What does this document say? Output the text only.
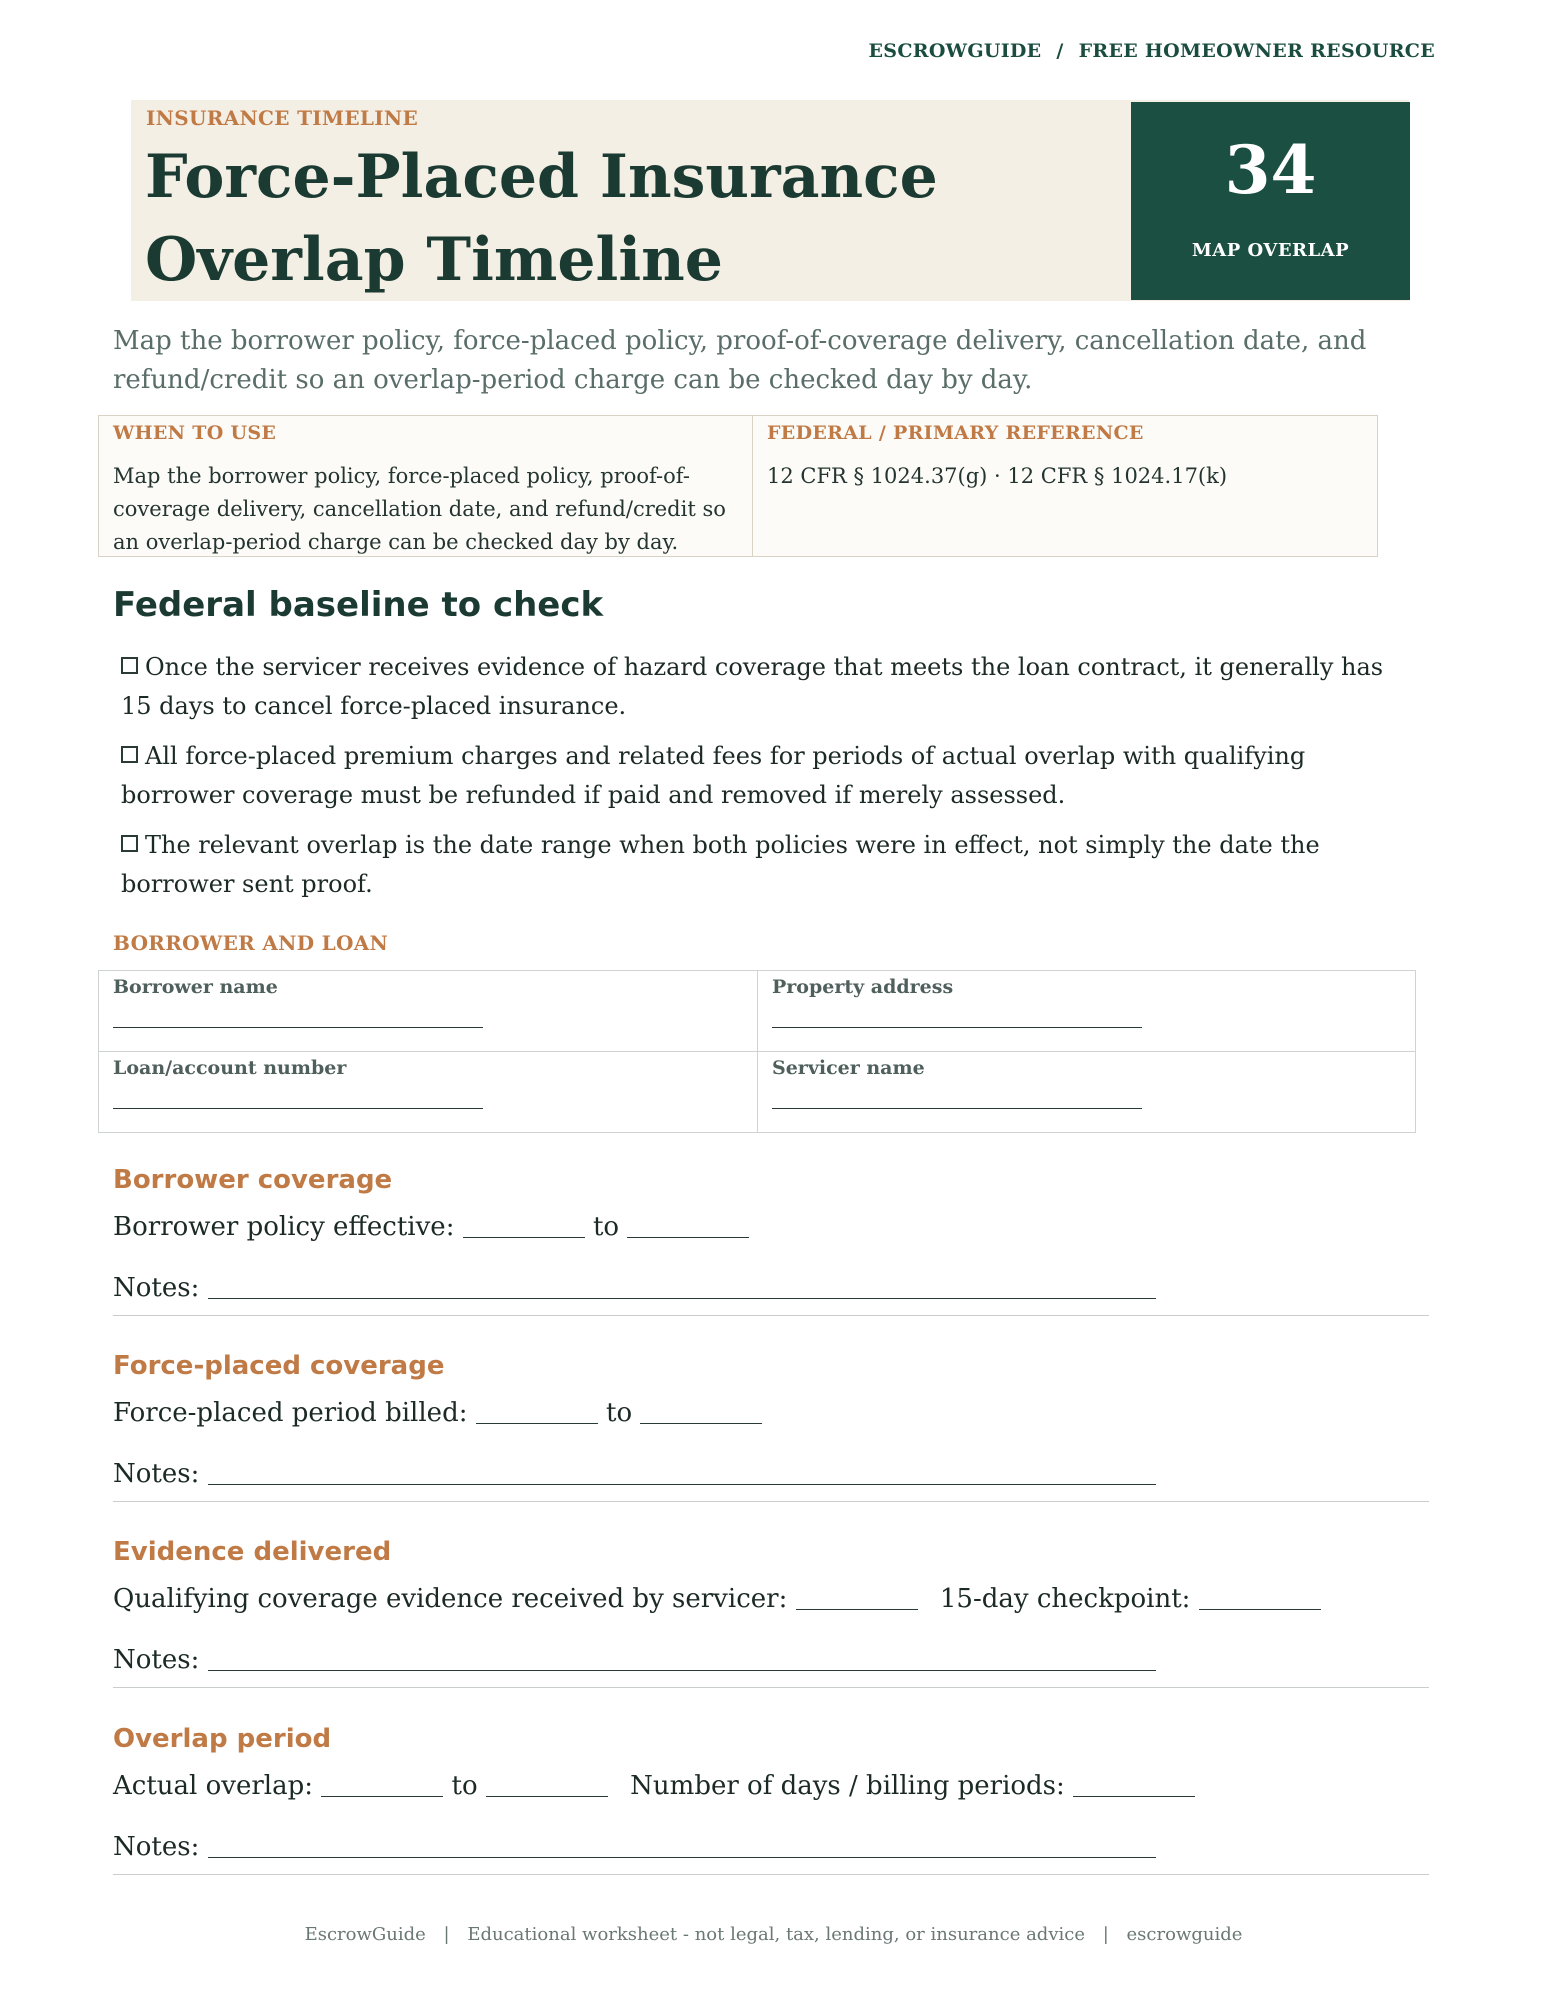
ESCROWGUIDE / FREE HOMEOWNER RESOURCE
INSURANCE TIMELINE
Force-Placed Insurance Overlap Timeline
34
MAP OVERLAP
Map the borrower policy, force-placed policy, proof-of-coverage delivery, cancellation date, and refund/credit so an overlap-period charge can be checked day by day.
WHEN TO USE
Map the borrower policy, force-placed policy, proof-of-coverage delivery, cancellation date, and refund/credit so an overlap-period charge can be checked day by day.
FEDERAL / PRIMARY REFERENCE
12 CFR § 1024.37(g) · 12 CFR § 1024.17(k)
Federal baseline to check
Once the servicer receives evidence of hazard coverage that meets the loan contract, it generally has 15 days to cancel force-placed insurance.
All force-placed premium charges and related fees for periods of actual overlap with qualifying borrower coverage must be refunded if paid and removed if merely assessed.
The relevant overlap is the date range when both policies were in effect, not simply the date the borrower sent proof.
BORROWER AND LOAN
Borrower name	Property address
Loan/account number	Servicer name
Borrower coverage
Borrower policy effective:	to
Notes:
Force-placed coverage
Force-placed period billed:	to
Notes:
Evidence delivered
Qualifying coverage evidence received by servicer:	15-day checkpoint:
Notes:
Overlap period
Actual overlap:	to	Number of days / billing periods:
Notes:
EscrowGuide | Educational worksheet - not legal, tax, lending, or insurance advice | escrowguide
